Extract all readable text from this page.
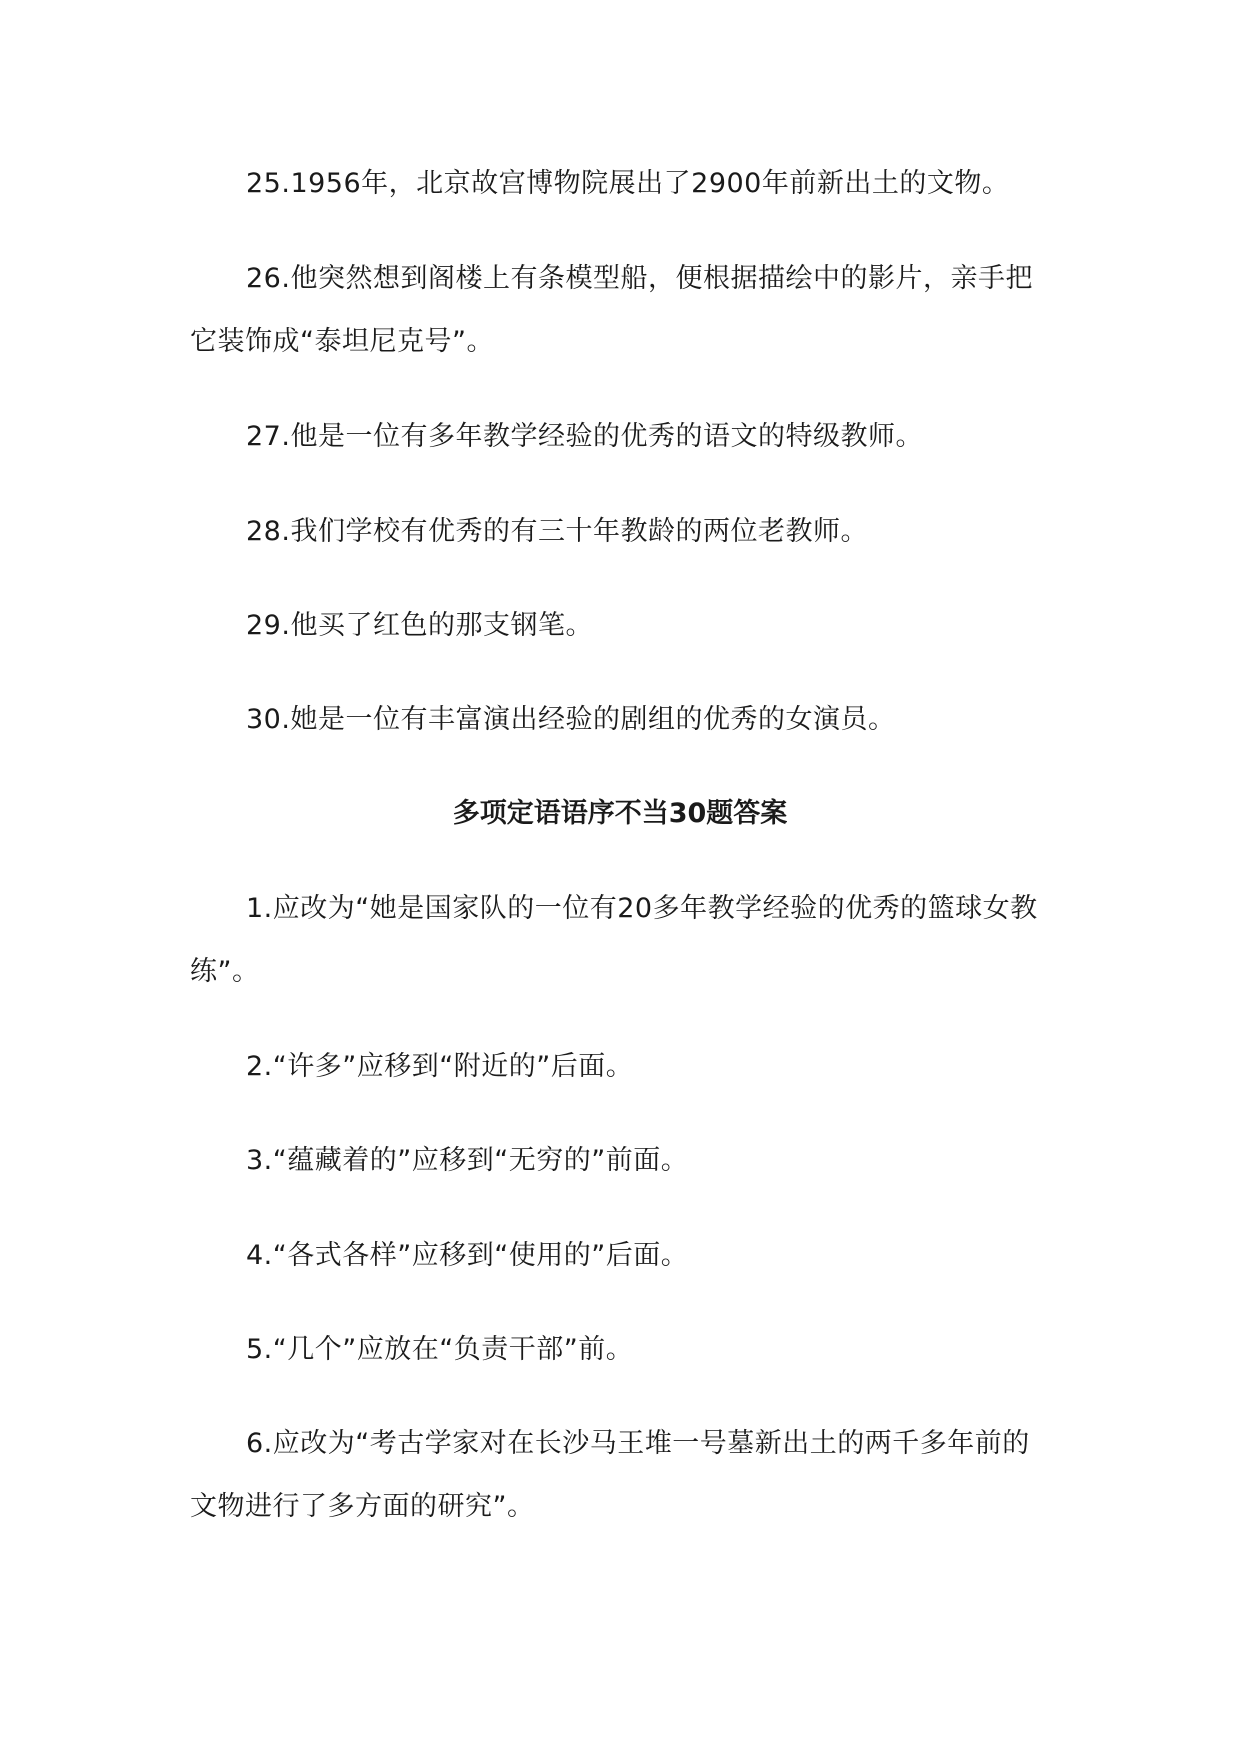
25.1956年，北京故宫博物院展出了2900年前新出土的文物。

26.他突然想到阁楼上有条模型船，便根据描绘中的影片，亲手把它装饰成“泰坦尼克号”。

27.他是一位有多年教学经验的优秀的语文的特级教师。

28.我们学校有优秀的有三十年教龄的两位老教师。

29.他买了红色的那支钢笔。

30.她是一位有丰富演出经验的剧组的优秀的女演员。

多项定语语序不当30题答案

1.应改为“她是国家队的一位有20多年教学经验的优秀的篮球女教练”。

2.“许多”应移到“附近的”后面。

3.“蕴藏着的”应移到“无穷的”前面。

4.“各式各样”应移到“使用的”后面。

5.“几个”应放在“负责干部”前。

6.应改为“考古学家对在长沙马王堆一号墓新出土的两千多年前的文物进行了多方面的研究”。
